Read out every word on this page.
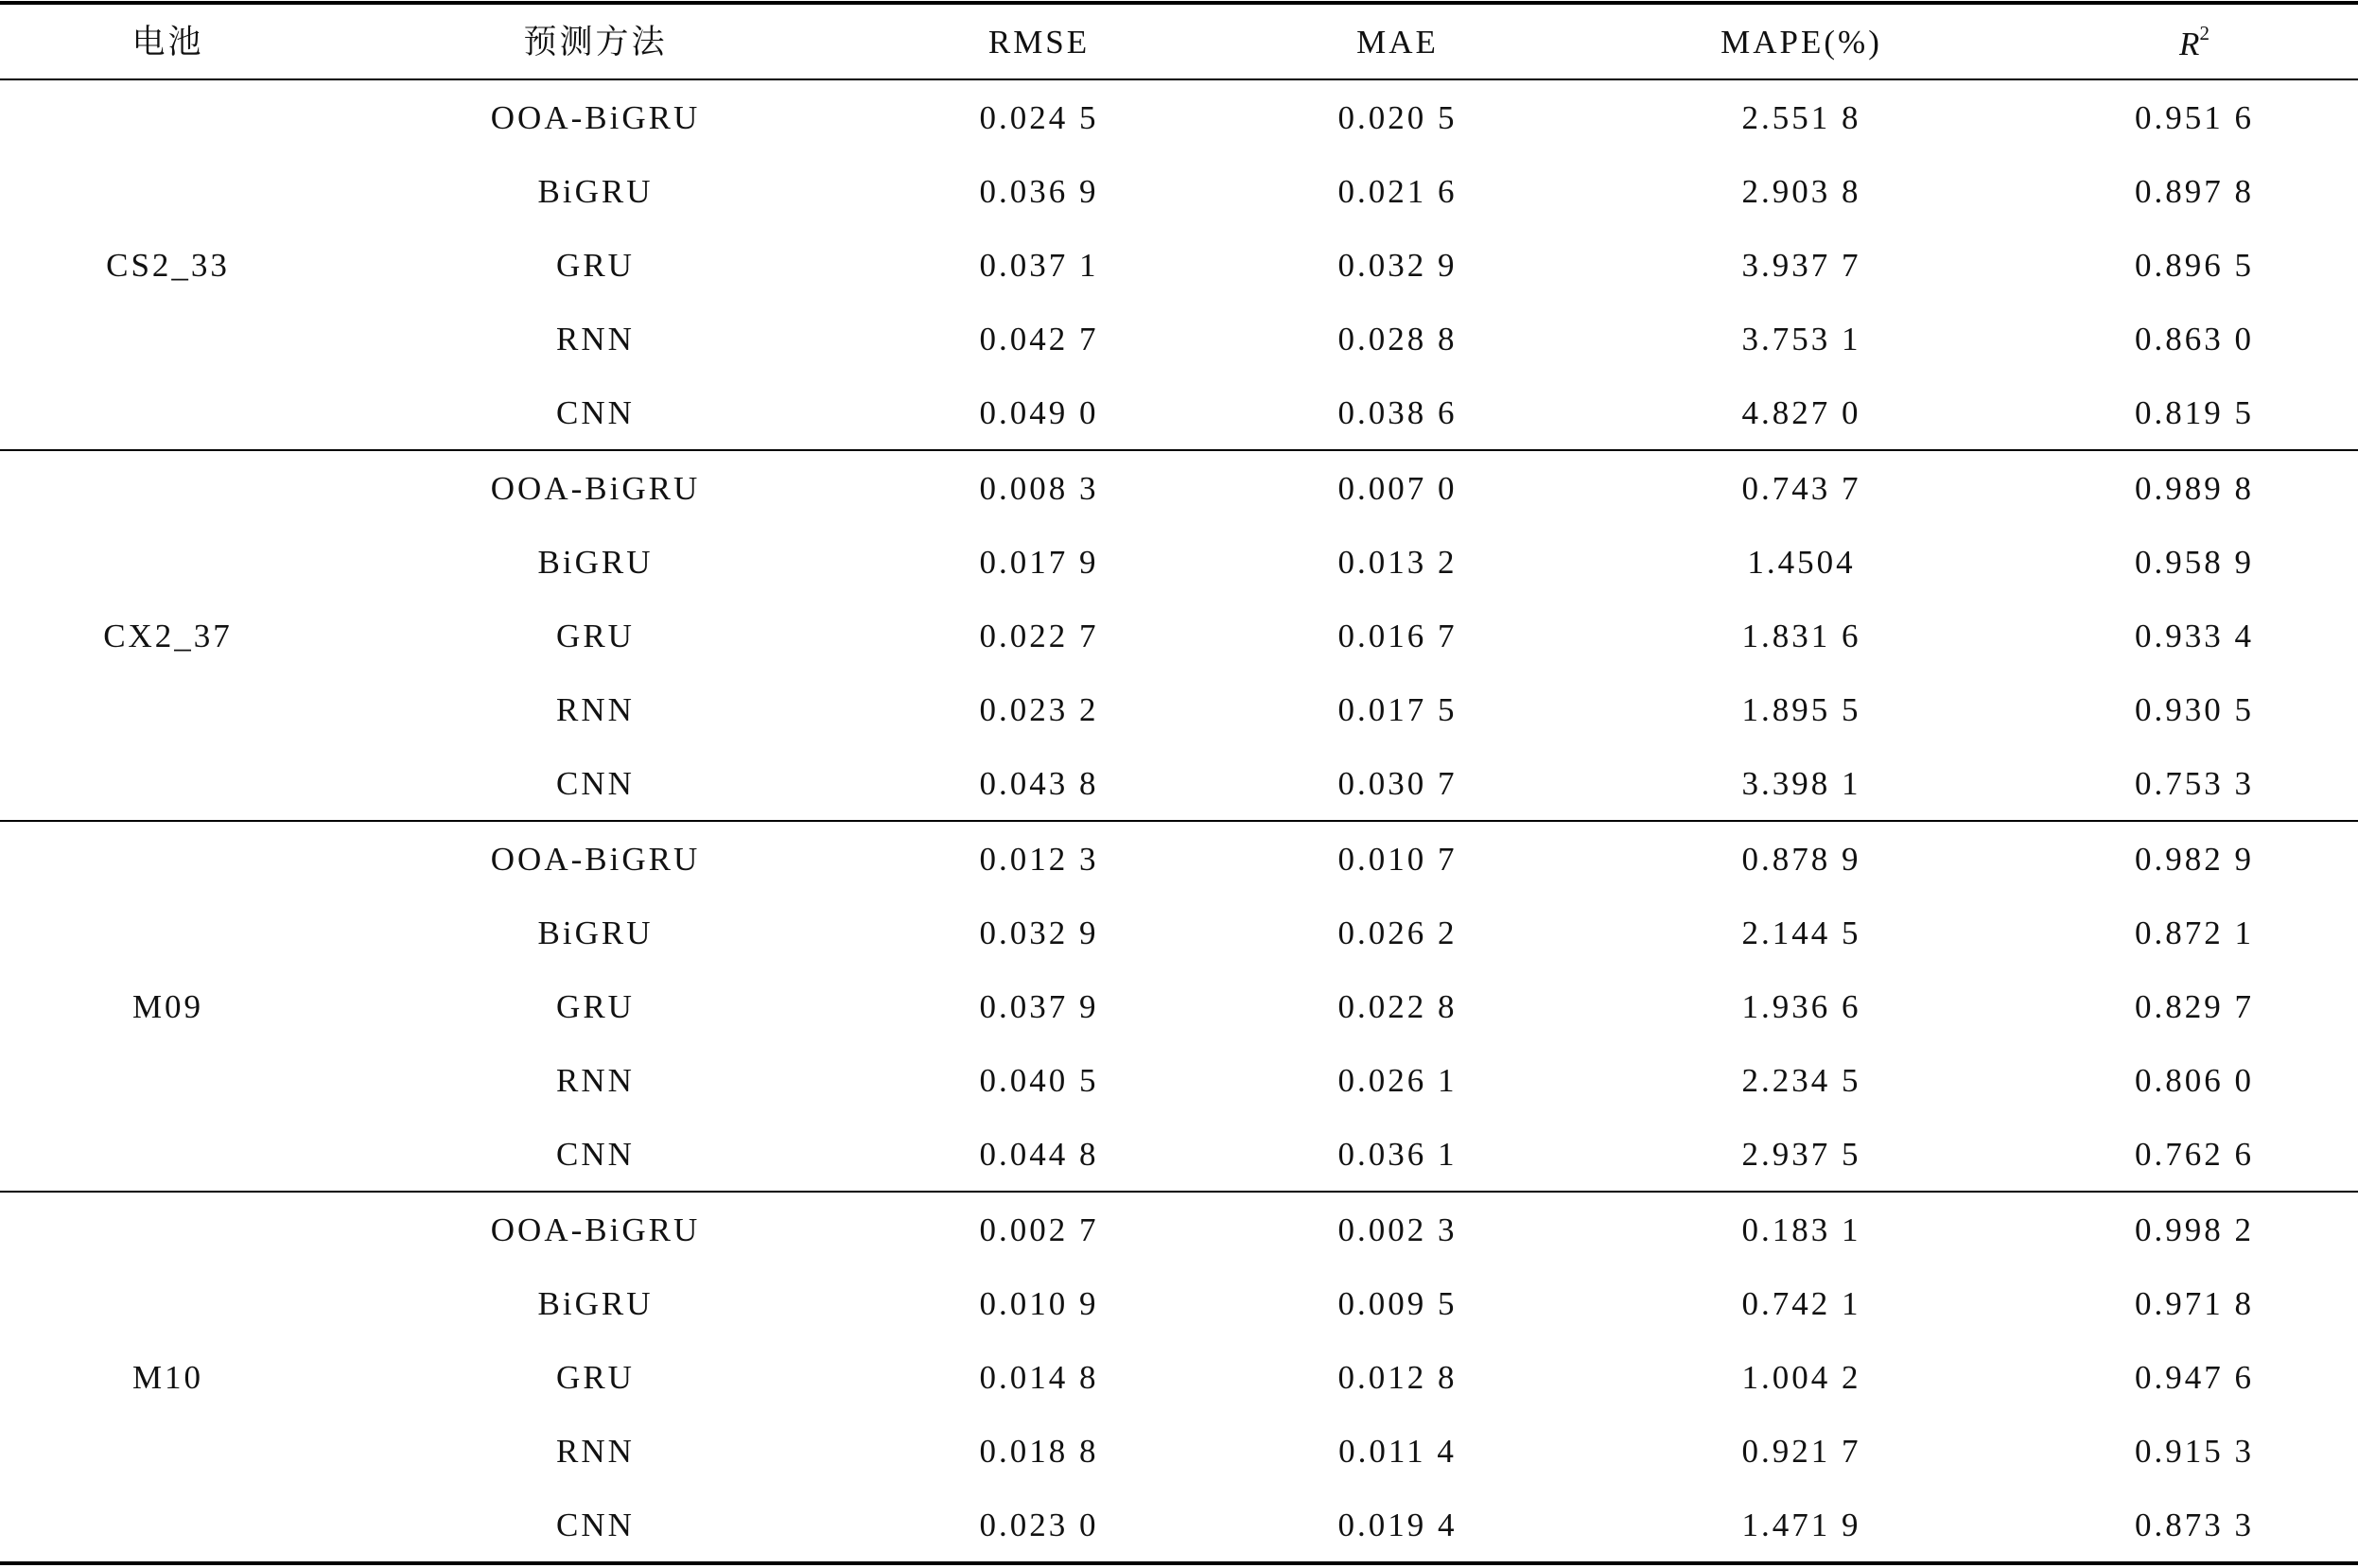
电池	预测方法	RMSE	MAE	MAPE(%)	$R^2$
CS2_33
OOA-BiGRU	0.024 5	0.020 5	2.551 8	0.951 6
BiGRU	0.036 9	0.021 6	2.903 8	0.897 8
GRU	0.037 1	0.032 9	3.937 7	0.896 5
RNN	0.042 7	0.028 8	3.753 1	0.863 0
CNN	0.049 0	0.038 6	4.827 0	0.819 5
CX2_37
OOA-BiGRU	0.008 3	0.007 0	0.743 7	0.989 8
BiGRU	0.017 9	0.013 2	1.4504	0.958 9
GRU	0.022 7	0.016 7	1.831 6	0.933 4
RNN	0.023 2	0.017 5	1.895 5	0.930 5
CNN	0.043 8	0.030 7	3.398 1	0.753 3
M09
OOA-BiGRU	0.012 3	0.010 7	0.878 9	0.982 9
BiGRU	0.032 9	0.026 2	2.144 5	0.872 1
GRU	0.037 9	0.022 8	1.936 6	0.829 7
RNN	0.040 5	0.026 1	2.234 5	0.806 0
CNN	0.044 8	0.036 1	2.937 5	0.762 6
M10
OOA-BiGRU	0.002 7	0.002 3	0.183 1	0.998 2
BiGRU	0.010 9	0.009 5	0.742 1	0.971 8
GRU	0.014 8	0.012 8	1.004 2	0.947 6
RNN	0.018 8	0.011 4	0.921 7	0.915 3
CNN	0.023 0	0.019 4	1.471 9	0.873 3
